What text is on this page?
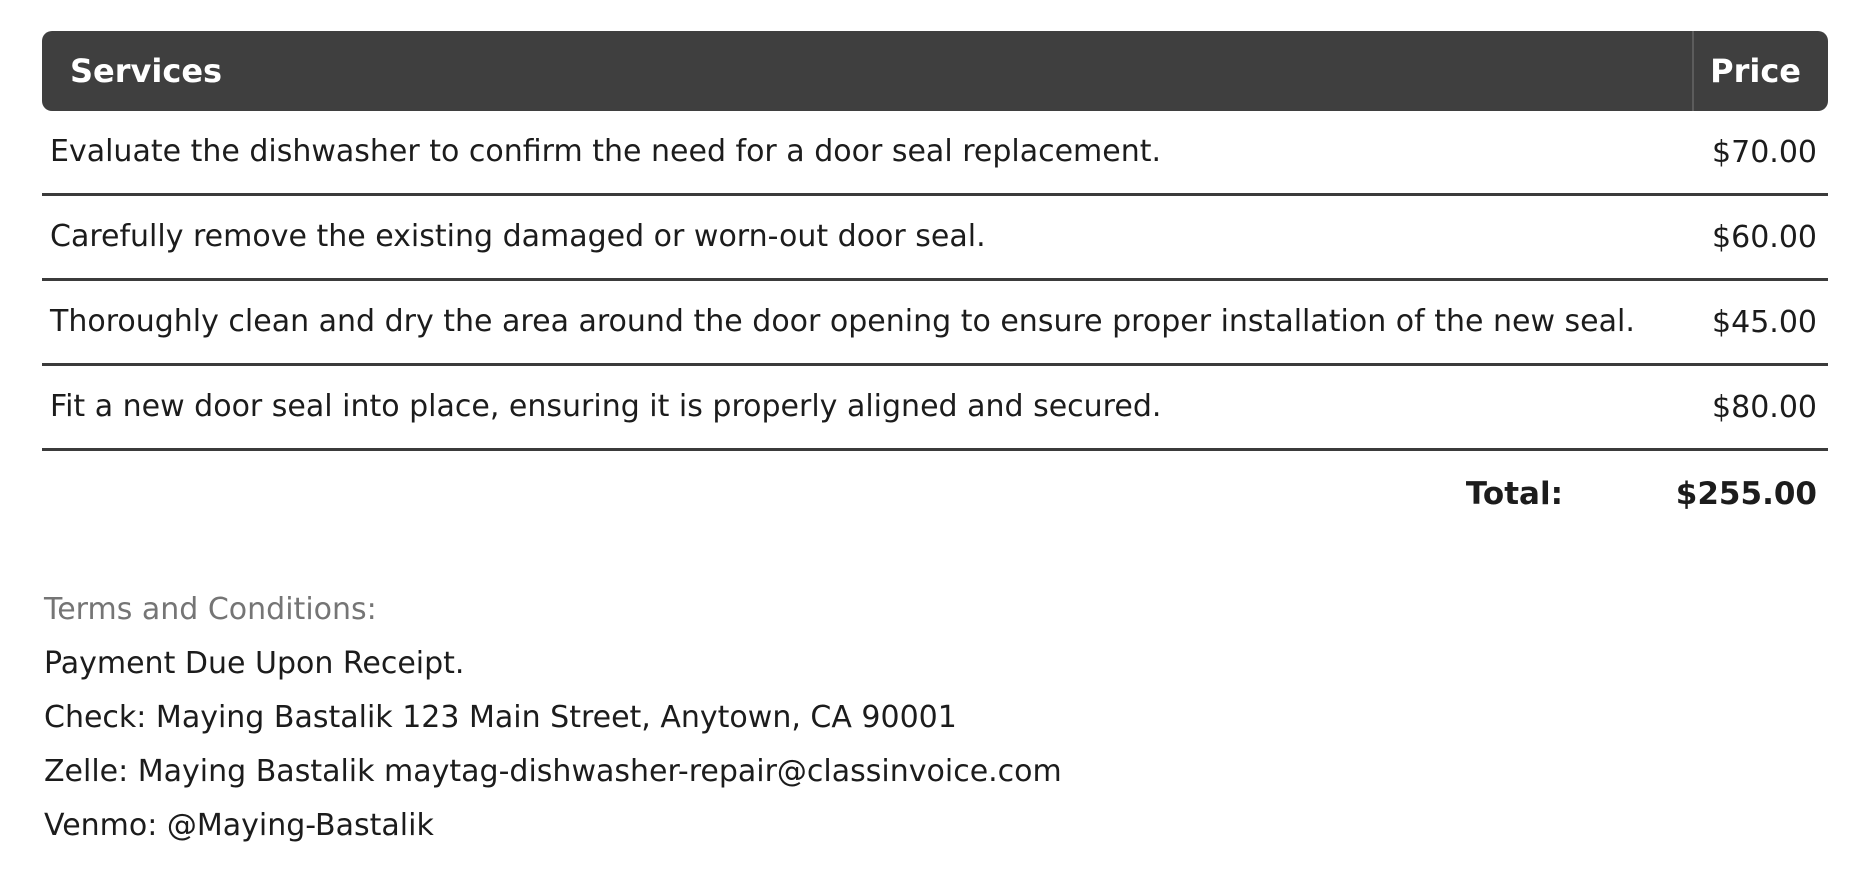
Services	Price
Evaluate the dishwasher to confirm the need for a door seal replacement.	$70.00
Carefully remove the existing damaged or worn-out door seal.	$60.00
Thoroughly clean and dry the area around the door opening to ensure proper installation of the new seal.	$45.00
Fit a new door seal into place, ensuring it is properly aligned and secured.	$80.00
Total:	$255.00
Terms and Conditions:
Payment Due Upon Receipt.
Check: Maying Bastalik 123 Main Street, Anytown, CA 90001
Zelle: Maying Bastalik maytag-dishwasher-repair@classinvoice.com
Venmo: @Maying-Bastalik
